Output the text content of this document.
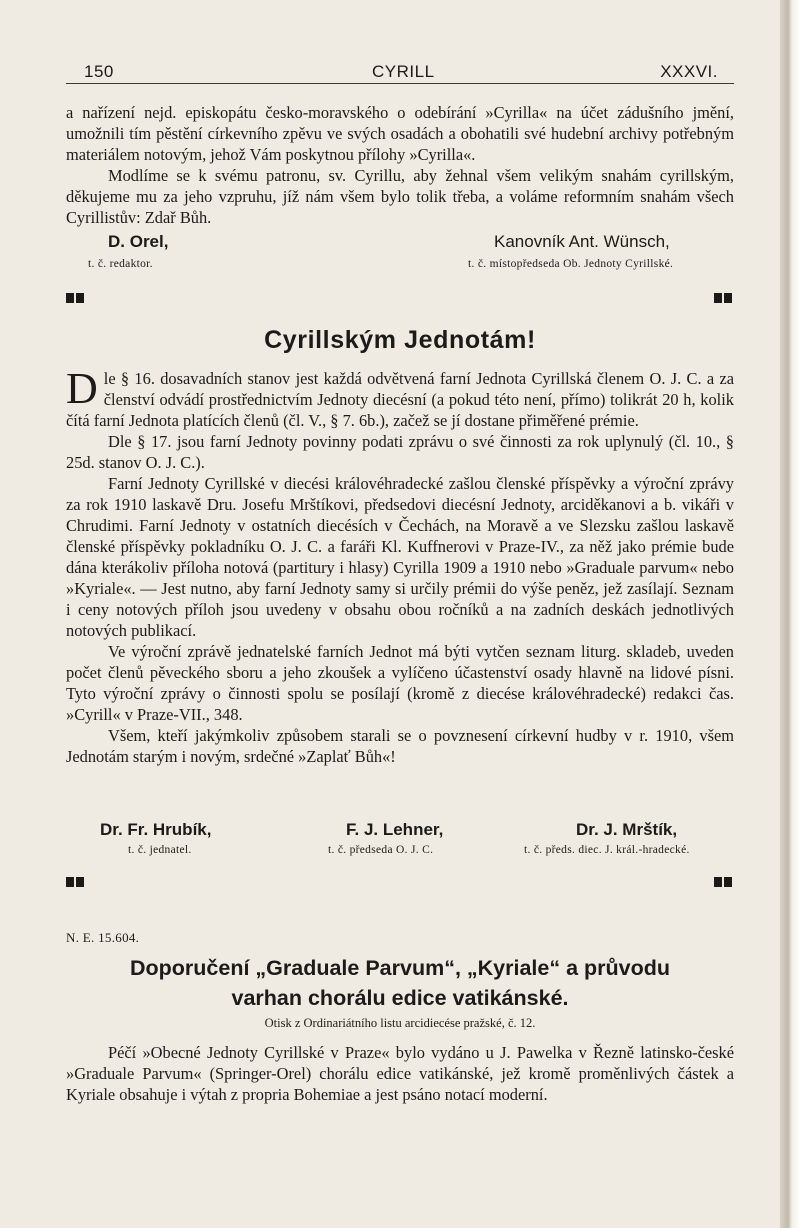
150	CYRILL	XXXVI.

a nařízení nejd. episkopátu česko-moravského o odebírání »Cyrilla« na účet zádušního jmění, umožnili tím pěstění církevního zpěvu ve svých osadách a obohatili své hudební archivy potřebným materiálem notovým, jehož Vám poskytnou přílohy »Cyrilla«.

Modlíme se k svému patronu, sv. Cyrillu, aby žehnal všem velikým snahám cyrillským, děkujeme mu za jeho vzpruhu, jíž nám všem bylo tolik třeba, a voláme reformním snahám všech Cyrillistův: Zdař Bůh.

D. Orel,
t. č. redaktor.
Kanovník Ant. Wünsch,
t. č. místopředseda Ob. Jednoty Cyrillské.
Cyrillským Jednotám!

Dle § 16. dosavadních stanov jest každá odvětvená farní Jednota Cyrillská členem O. J. C. a za členství odvádí prostřednictvím Jednoty diecésní (a pokud této není, přímo) tolikrát 20 h, kolik čítá farní Jednota platících členů (čl. V., § 7. 6b.), začež se jí dostane přiměřené prémie.

Dle § 17. jsou farní Jednoty povinny podati zprávu o své činnosti za rok uplynulý (čl. 10., § 25d. stanov O. J. C.).

Farní Jednoty Cyrillské v diecési královéhradecké zašlou členské příspěvky a výroční zprávy za rok 1910 laskavě Dru. Josefu Mrštíkovi, předsedovi diecésní Jednoty, arciděkanovi a b. vikáři v Chrudimi. Farní Jednoty v ostatních diecésích v Čechách, na Moravě a ve Slezsku zašlou laskavě členské příspěvky pokladníku O. J. C. a faráři Kl. Kuffnerovi v Praze-IV., za něž jako prémie bude dána kterákoliv příloha notová (partitury i hlasy) Cyrilla 1909 a 1910 nebo »Graduale parvum« nebo »Kyriale«. — Jest nutno, aby farní Jednoty samy si určily prémii do výše peněz, jež zasílají. Seznam i ceny notových příloh jsou uvedeny v obsahu obou ročníků a na zadních deskách jednotlivých notových publikací.

Ve výroční zprávě jednatelské farních Jednot má býti vytčen seznam liturg. skladeb, uveden počet členů pěveckého sboru a jeho zkoušek a vylíčeno účastenství osady hlavně na lidové písni. Tyto výroční zprávy o činnosti spolu se posílají (kromě z diecése královéhradecké) redakci čas. »Cyrill« v Praze-VII., 348.

Všem, kteří jakýmkoliv způsobem starali se o povznesení církevní hudby v r. 1910, všem Jednotám starým i novým, srdečné »Zaplať Bůh«!

Dr. Fr. Hrubík,
t. č. jednatel.
F. J. Lehner,
t. č. předseda O. J. C.
Dr. J. Mrštík,
t. č. předs. diec. J. král.-hradecké.
N. E. 15.604.
Doporučení „Graduale Parvum“, „Kyriale“ a průvodu
varhan chorálu edice vatikánské.
Otisk z Ordinariátního listu arcidiecése pražské, č. 12.

Péčí »Obecné Jednoty Cyrillské v Praze« bylo vydáno u J. Pawelka v Řezně latinsko-české »Graduale Parvum« (Springer-Orel) chorálu edice vatikánské, jež kromě proměnlivých částek a Kyriale obsahuje i výtah z propria Bohemiae a jest psáno notací moderní.
